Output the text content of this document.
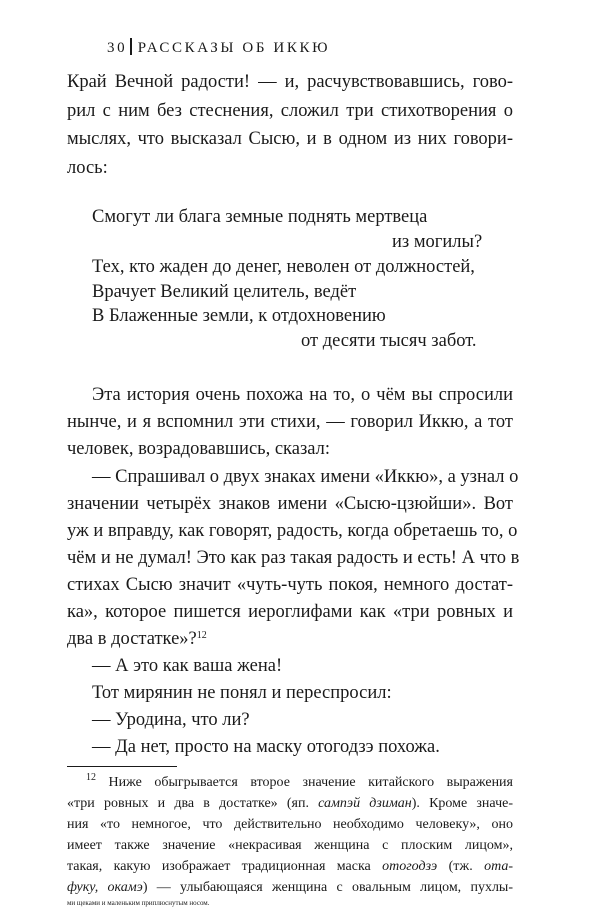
30 РАССКАЗЫ ОБ ИККЮ
Край Вечной радости! — и, расчувствовавшись, гово-
рил с ним без стеснения, сложил три стихотворения о
мыслях, что высказал Сысю, и в одном из них говори-
лось:
Смогут ли блага земные поднять мертвеца
из могилы?
Тех, кто жаден до денег, неволен от должностей,
Врачует Великий целитель, ведёт
В Блаженные земли, к отдохновению
от десяти тысяч забот.
Эта история очень похожа на то, о чём вы спросили
нынче, и я вспомнил эти стихи, — говорил Иккю, а тот
человек, возрадовавшись, сказал:
— Спрашивал о двух знаках имени «Иккю», а узнал о
значении четырёх знаков имени «Сысю-цзюйши». Вот
уж и вправду, как говорят, радость, когда обретаешь то, о
чём и не думал! Это как раз такая радость и есть! А что в
стихах Сысю значит «чуть-чуть покоя, немного достат-
ка», которое пишется иероглифами как «три ровных и
два в достатке»?$^{12}$
— А это как ваша жена!
Тот мирянин не понял и переспросил:
— Уродина, что ли?
— Да нет, просто на маску отогодзэ похожа.
$^{12}$ Ниже обыгрывается второе значение китайского выражения
«три ровных и два в достатке» (яп. сампэй дзиман). Кроме значе-
ния «то немногое, что действительно необходимо человеку», оно
имеет также значение «некрасивая женщина с плоским лицом»,
такая, какую изображает традиционная маска отогодзэ (тж. ота-
фуку, окамэ) — улыбающаяся женщина с овальным лицом, пухлы-
ми щеками и маленьким приплюснутым носом.
